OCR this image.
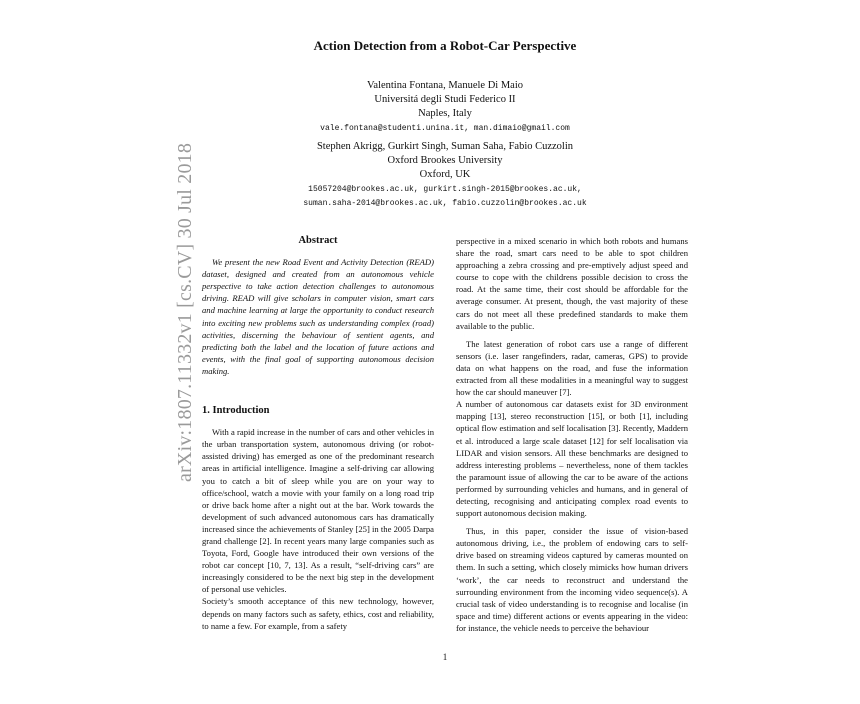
Action Detection from a Robot-Car Perspective
Valentina Fontana, Manuele Di Maio
Universitá degli Studi Federico II
Naples, Italy
vale.fontana@studenti.unina.it, man.dimaio@gmail.com
Stephen Akrigg, Gurkirt Singh, Suman Saha, Fabio Cuzzolin
Oxford Brookes University
Oxford, UK
15057204@brookes.ac.uk, gurkirt.singh-2015@brookes.ac.uk,
suman.saha-2014@brookes.ac.uk, fabio.cuzzolin@brookes.ac.uk
arXiv:1807.11332v1 [cs.CV] 30 Jul 2018	Abstract

We present the new Road Event and Activity Detection (READ) dataset, designed and created from an autonomous vehicle perspective to take action detection challenges to autonomous driving. READ will give scholars in computer vision, smart cars and machine learning at large the opportunity to conduct research into exciting new problems such as understanding complex (road) activities, discerning the behaviour of sentient agents, and predicting both the label and the location of future actions and events, with the final goal of supporting autonomous decision making.

1. Introduction

With a rapid increase in the number of cars and other vehicles in the urban transportation system, autonomous driving (or robot-assisted driving) has emerged as one of the predominant research areas in artificial intelligence. Imagine a self-driving car allowing you to catch a bit of sleep while you are on your way to office/school, watch a movie with your family on a long road trip or drive back home after a night out at the bar. Work towards the development of such advanced autonomous cars has dramatically increased since the achievements of Stanley [25] in the 2005 Darpa grand challenge [2]. In recent years many large companies such as Toyota, Ford, Google have introduced their own versions of the robot car concept [10, 7, 13]. As a result, “self-driving cars” are increasingly considered to be the next big step in the development of personal use vehicles.

Society’s smooth acceptance of this new technology, however, depends on many factors such as safety, ethics, cost and reliability, to name a few. For example, from a safety

perspective in a mixed scenario in which both robots and humans share the road, smart cars need to be able to spot children approaching a zebra crossing and pre-emptively adjust speed and course to cope with the childrens possible decision to cross the road. At the same time, their cost should be affordable for the average consumer. At present, though, the vast majority of these cars do not meet all these predefined standards to make them available to the public.

The latest generation of robot cars use a range of different sensors (i.e. laser rangefinders, radar, cameras, GPS) to provide data on what happens on the road, and fuse the information extracted from all these modalities in a meaningful way to suggest how the car should maneuver [7].

A number of autonomous car datasets exist for 3D environment mapping [13], stereo reconstruction [15], or both [1], including optical flow estimation and self localisation [3]. Recently, Maddern et al. introduced a large scale dataset [12] for self localisation via LIDAR and vision sensors. All these benchmarks are designed to address interesting problems – nevertheless, none of them tackles the paramount issue of allowing the car to be aware of the actions performed by surrounding vehicles and humans, and in general of detecting, recognising and anticipating complex road events to support autonomous decision making.

Thus, in this paper, consider the issue of vision-based autonomous driving, i.e., the problem of endowing cars to self-drive based on streaming videos captured by cameras mounted on them. In such a setting, which closely mimicks how human drivers ‘work’, the car needs to reconstruct and understand the surrounding environment from the incoming video sequence(s). A crucial task of video understanding is to recognise and localise (in space and time) different actions or events appearing in the video: for instance, the vehicle needs to perceive the behaviour

1
